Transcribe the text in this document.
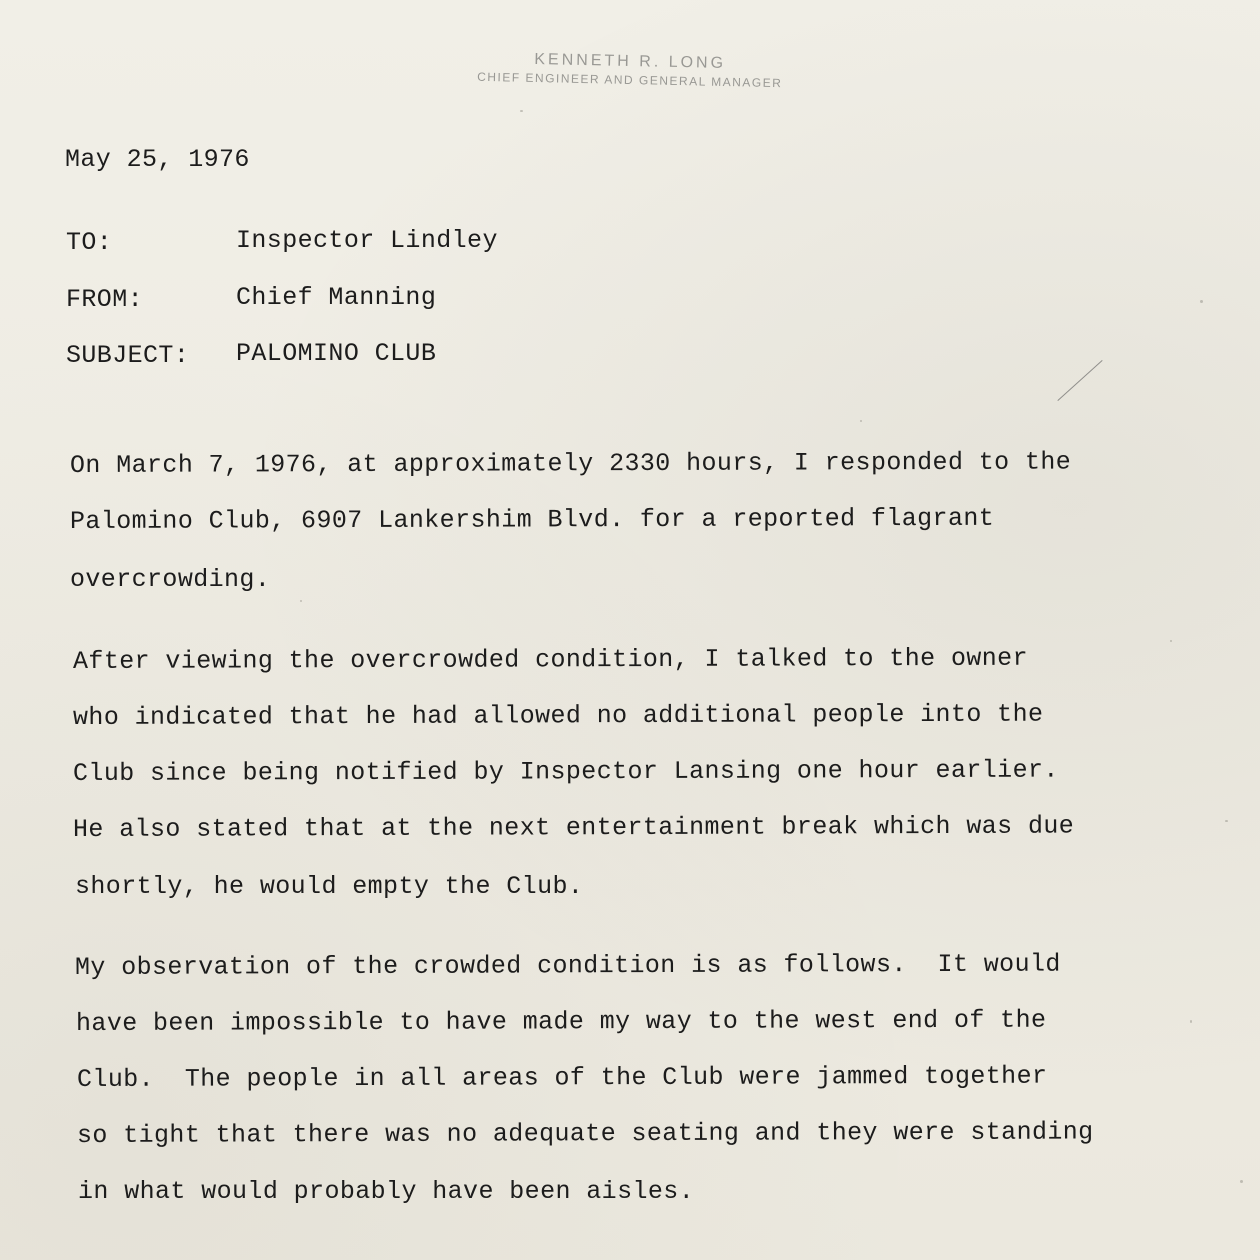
KENNETH R. LONG
CHIEF ENGINEER AND GENERAL MANAGER
May 25, 1976
TO:	Inspector Lindley
FROM:	Chief Manning
SUBJECT: PALOMINO CLUB
On March 7, 1976, at approximately 2330 hours, I responded to the
Palomino Club, 6907 Lankershim Blvd. for a reported flagrant
overcrowding.
After viewing the overcrowded condition, I talked to the owner
who indicated that he had allowed no additional people into the
Club since being notified by Inspector Lansing one hour earlier.
He also stated that at the next entertainment break which was due
shortly, he would empty the Club.
My observation of the crowded condition is as follows.  It would
have been impossible to have made my way to the west end of the
Club.  The people in all areas of the Club were jammed together
so tight that there was no adequate seating and they were standing
in what would probably have been aisles.
